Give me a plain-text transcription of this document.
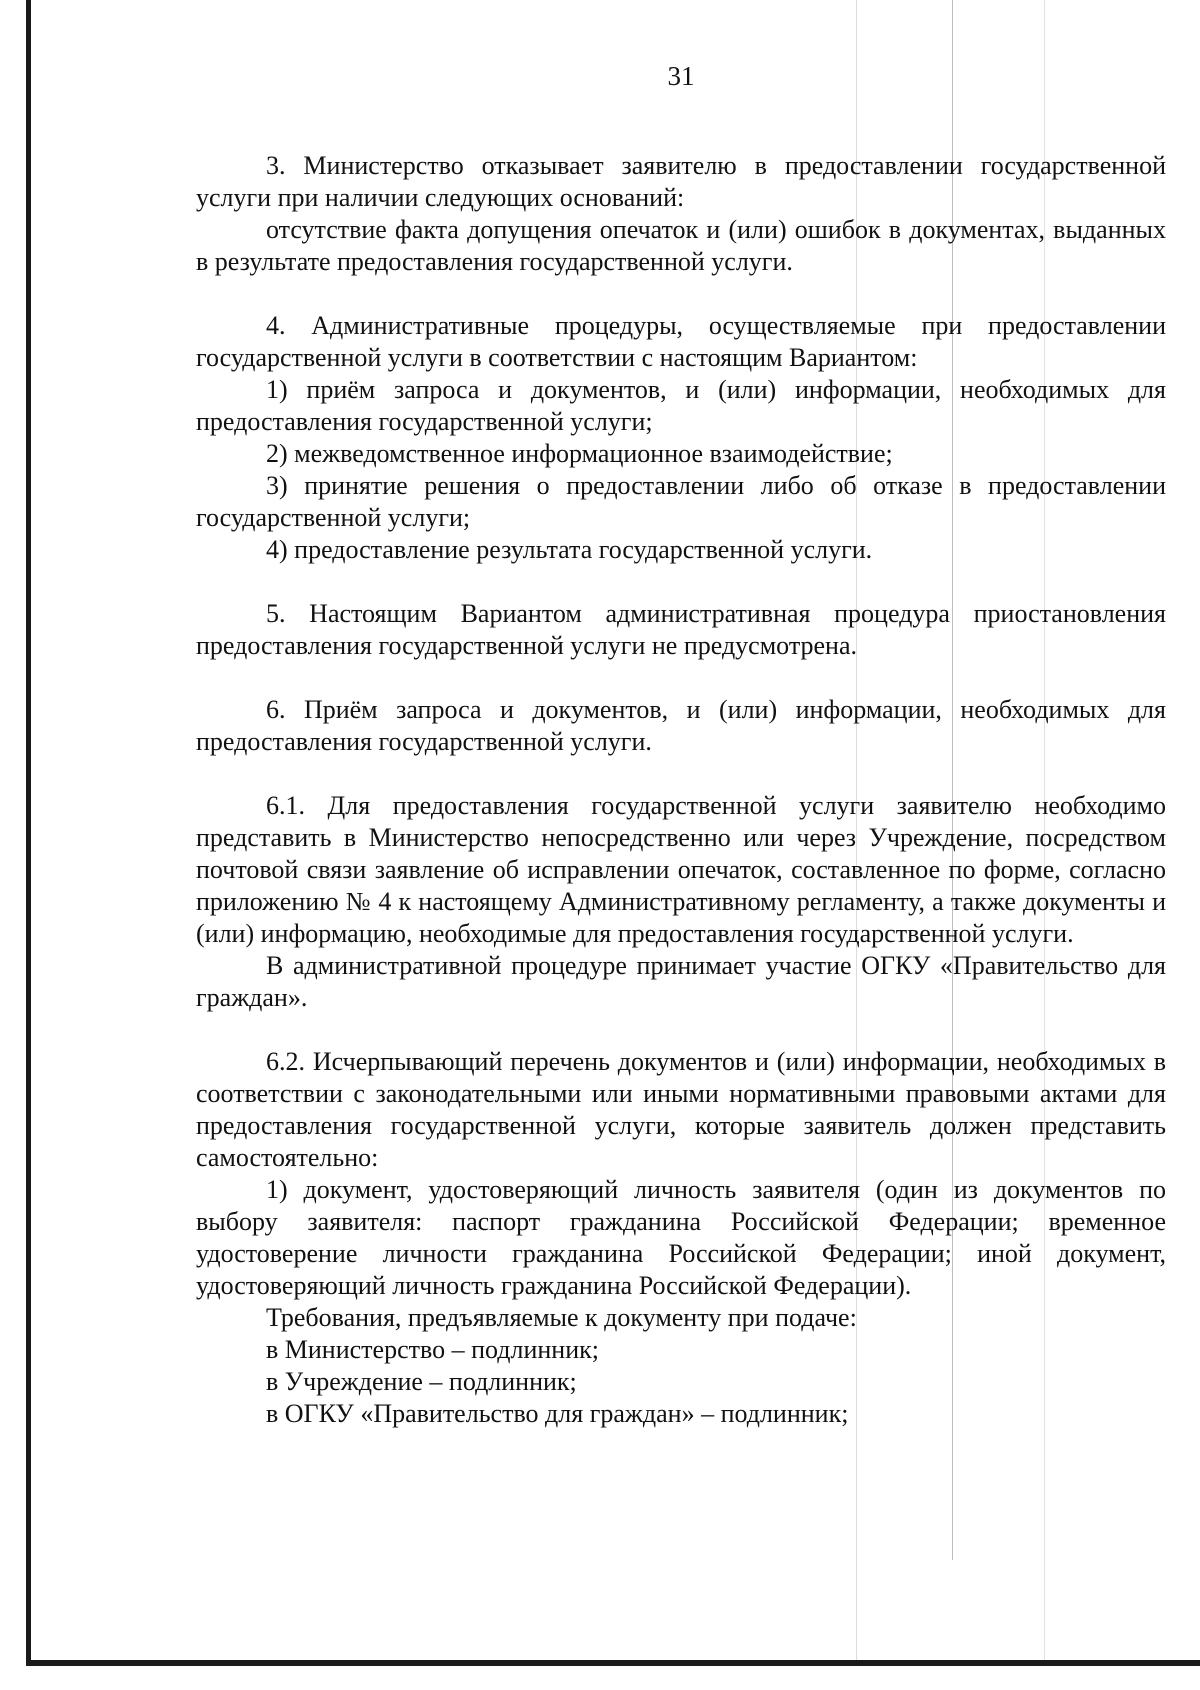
31

3. Министерство отказывает заявителю в предоставлении государственной услуги при наличии следующих оснований:

отсутствие факта допущения опечаток и (или) ошибок в документах, выданных в результате предоставления государственной услуги.

4. Административные процедуры, осуществляемые при предоставлении государственной услуги в соответствии с настоящим Вариантом:

1) приём запроса и документов, и (или) информации, необходимых для предоставления государственной услуги;

2) межведомственное информационное взаимодействие;

3) принятие решения о предоставлении либо об отказе в предоставлении государственной услуги;

4) предоставление результата государственной услуги.

5. Настоящим Вариантом административная процедура приостановления предоставления государственной услуги не предусмотрена.

6. Приём запроса и документов, и (или) информации, необходимых для предоставления государственной услуги.

6.1. Для предоставления государственной услуги заявителю необходимо представить в Министерство непосредственно или через Учреждение, посредством почтовой связи заявление об исправлении опечаток, составленное по форме, согласно приложению № 4 к настоящему Административному регламенту, а также документы и (или) информацию, необходимые для предоставления государственной услуги.

В административной процедуре принимает участие ОГКУ «Правительство для граждан».

6.2. Исчерпывающий перечень документов и (или) информации, необходимых в соответствии с законодательными или иными нормативными правовыми актами для предоставления государственной услуги, которые заявитель должен представить самостоятельно:

1) документ, удостоверяющий личность заявителя (один из документов по выбору заявителя: паспорт гражданина Российской Федерации; временное удостоверение личности гражданина Российской Федерации; иной документ, удостоверяющий личность гражданина Российской Федерации).

Требования, предъявляемые к документу при подаче:

в Министерство – подлинник;

в Учреждение – подлинник;

в ОГКУ «Правительство для граждан» – подлинник;
